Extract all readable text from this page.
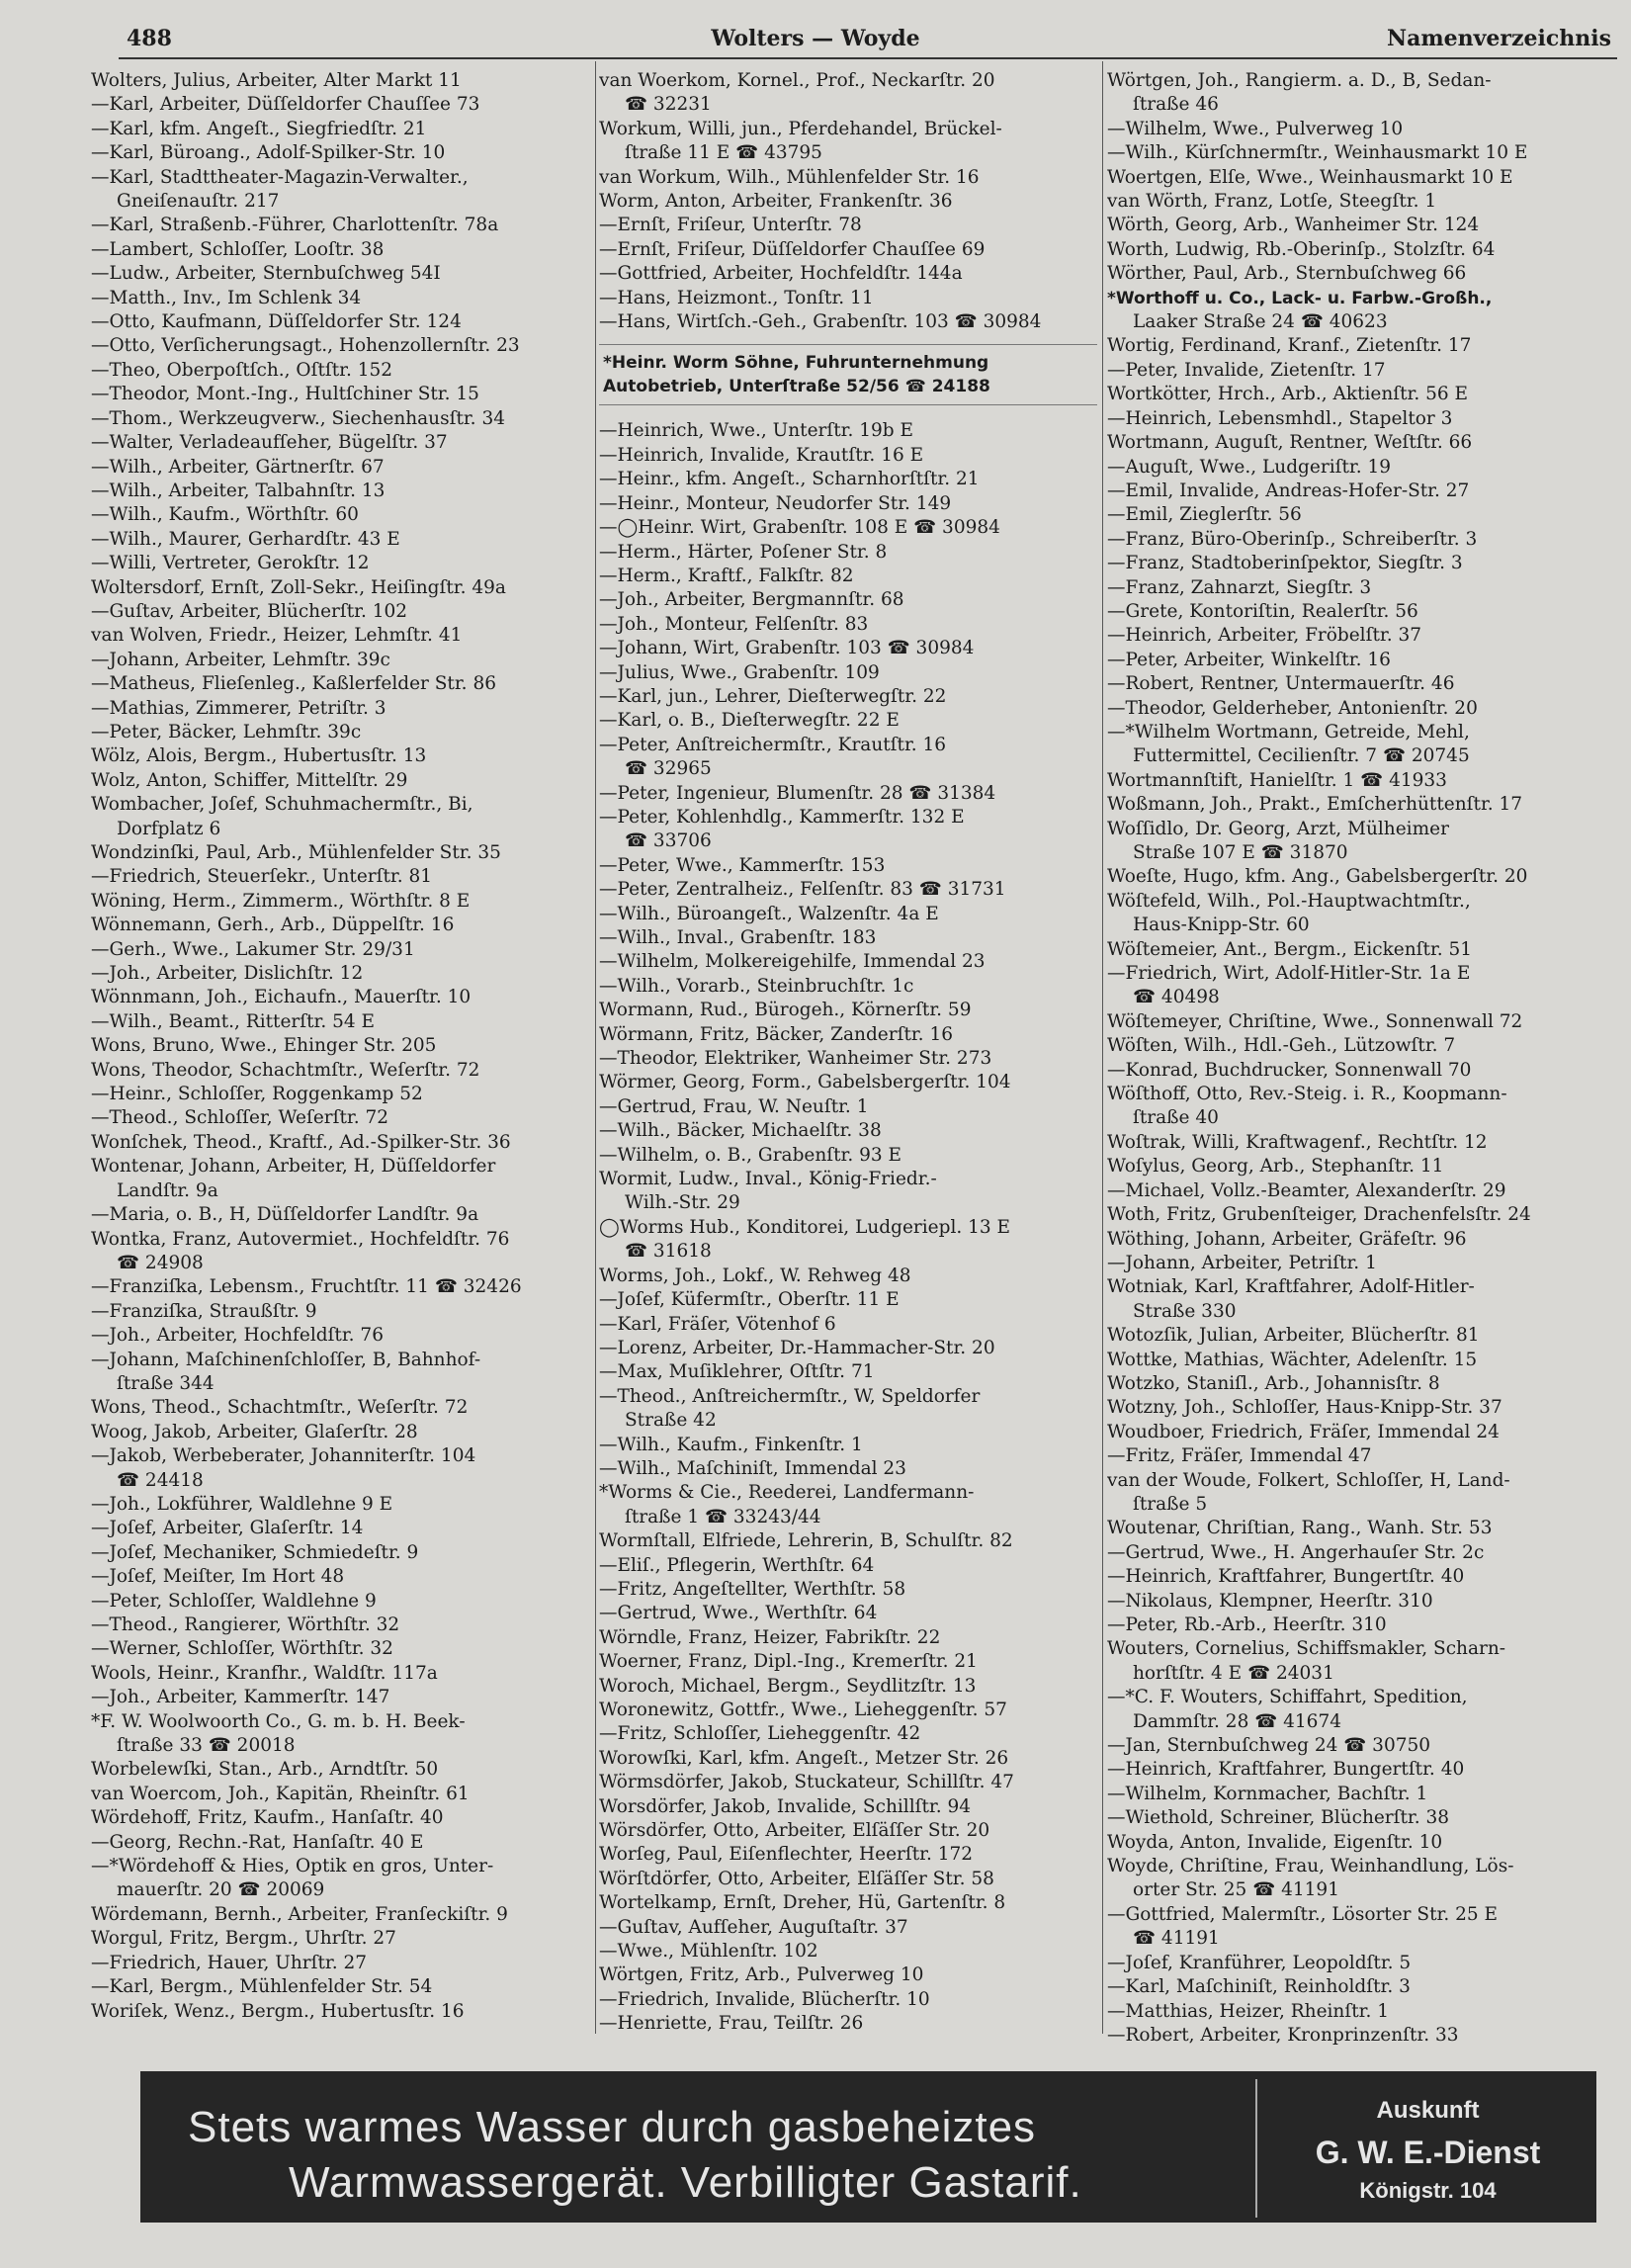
488	Wolters — Woyde	Namenverzeichnis
Wolters, Julius, Arbeiter, Alter Markt 11
—Karl, Arbeiter, Düſſeldorfer Chauſſee 73
—Karl, kfm. Angeſt., Siegfriedſtr. 21
—Karl, Büroang., Adolf-Spilker-Str. 10
—Karl, Stadttheater-Magazin-Verwalter.,
Gneiſenauſtr. 217
—Karl, Straßenb.-Führer, Charlottenſtr. 78a
—Lambert, Schloſſer, Looſtr. 38
—Ludw., Arbeiter, Sternbuſchweg 54I
—Matth., Inv., Im Schlenk 34
—Otto, Kaufmann, Düſſeldorfer Str. 124
—Otto, Verſicherungsagt., Hohenzollernſtr. 23
—Theo, Oberpoſtſch., Oſtſtr. 152
—Theodor, Mont.-Ing., Hultſchiner Str. 15
—Thom., Werkzeugverw., Siechenhausſtr. 34
—Walter, Verladeaufſeher, Bügelſtr. 37
—Wilh., Arbeiter, Gärtnerſtr. 67
—Wilh., Arbeiter, Talbahnſtr. 13
—Wilh., Kaufm., Wörthſtr. 60
—Wilh., Maurer, Gerhardſtr. 43 E
—Willi, Vertreter, Gerokſtr. 12
Woltersdorf, Ernſt, Zoll-Sekr., Heiſingſtr. 49a
—Guſtav, Arbeiter, Blücherſtr. 102
van Wolven, Friedr., Heizer, Lehmſtr. 41
—Johann, Arbeiter, Lehmſtr. 39c
—Matheus, Flieſenleg., Kaßlerfelder Str. 86
—Mathias, Zimmerer, Petriſtr. 3
—Peter, Bäcker, Lehmſtr. 39c
Wölz, Alois, Bergm., Hubertusſtr. 13
Wolz, Anton, Schiffer, Mittelſtr. 29
Wombacher, Joſef, Schuhmachermſtr., Bi,
Dorfplatz 6
Wondzinſki, Paul, Arb., Mühlenfelder Str. 35
—Friedrich, Steuerſekr., Unterſtr. 81
Wöning, Herm., Zimmerm., Wörthſtr. 8 E
Wönnemann, Gerh., Arb., Düppelſtr. 16
—Gerh., Wwe., Lakumer Str. 29/31
—Joh., Arbeiter, Dislichſtr. 12
Wönnmann, Joh., Eichaufn., Mauerſtr. 10
—Wilh., Beamt., Ritterſtr. 54 E
Wons, Bruno, Wwe., Ehinger Str. 205
Wons, Theodor, Schachtmſtr., Weſerſtr. 72
—Heinr., Schloſſer, Roggenkamp 52
—Theod., Schloſſer, Weſerſtr. 72
Wonſchek, Theod., Kraftf., Ad.-Spilker-Str. 36
Wontenar, Johann, Arbeiter, H, Düſſeldorfer
Landſtr. 9a
—Maria, o. B., H, Düſſeldorfer Landſtr. 9a
Wontka, Franz, Autovermiet., Hochfeldſtr. 76
☎ 24908
—Franziſka, Lebensm., Fruchtſtr. 11 ☎ 32426
—Franziſka, Straußſtr. 9
—Joh., Arbeiter, Hochfeldſtr. 76
—Johann, Maſchinenſchloſſer, B, Bahnhof-
ſtraße 344
Wons, Theod., Schachtmſtr., Weſerſtr. 72
Woog, Jakob, Arbeiter, Glaſerſtr. 28
—Jakob, Werbeberater, Johanniterſtr. 104
☎ 24418
—Joh., Lokführer, Waldlehne 9 E
—Joſef, Arbeiter, Glaſerſtr. 14
—Joſef, Mechaniker, Schmiedeſtr. 9
—Joſef, Meiſter, Im Hort 48
—Peter, Schloſſer, Waldlehne 9
—Theod., Rangierer, Wörthſtr. 32
—Werner, Schloſſer, Wörthſtr. 32
Wools, Heinr., Kranfhr., Waldſtr. 117a
—Joh., Arbeiter, Kammerſtr. 147
*F. W. Woolwoorth Co., G. m. b. H. Beek-
ſtraße 33 ☎ 20018
Worbelewſki, Stan., Arb., Arndtſtr. 50
van Woercom, Joh., Kapitän, Rheinſtr. 61
Wördehoff, Fritz, Kaufm., Hanſaſtr. 40
—Georg, Rechn.-Rat, Hanſaſtr. 40 E
—*Wördehoff & Hies, Optik en gros, Unter-
mauerſtr. 20 ☎ 20069
Wördemann, Bernh., Arbeiter, Franſeckiſtr. 9
Worgul, Fritz, Bergm., Uhrſtr. 27
—Friedrich, Hauer, Uhrſtr. 27
—Karl, Bergm., Mühlenfelder Str. 54
Woriſek, Wenz., Bergm., Hubertusſtr. 16
van Woerkom, Kornel., Prof., Neckarſtr. 20
☎ 32231
Workum, Willi, jun., Pferdehandel, Brückel-
ſtraße 11 E ☎ 43795
van Workum, Wilh., Mühlenfelder Str. 16
Worm, Anton, Arbeiter, Frankenſtr. 36
—Ernſt, Friſeur, Unterſtr. 78
—Ernſt, Friſeur, Düſſeldorfer Chauſſee 69
—Gottfried, Arbeiter, Hochfeldſtr. 144a
—Hans, Heizmont., Tonſtr. 11
—Hans, Wirtſch.-Geh., Grabenſtr. 103 ☎ 30984
*Heinr. Worm Söhne, Fuhrunternehmung
Autobetrieb, Unterſtraße 52/56 ☎ 24188
—Heinrich, Wwe., Unterſtr. 19b E
—Heinrich, Invalide, Krautſtr. 16 E
—Heinr., kfm. Angeſt., Scharnhorſtſtr. 21
—Heinr., Monteur, Neudorfer Str. 149
—◯Heinr. Wirt, Grabenſtr. 108 E ☎ 30984
—Herm., Härter, Poſener Str. 8
—Herm., Kraftf., Falkſtr. 82
—Joh., Arbeiter, Bergmannſtr. 68
—Joh., Monteur, Felſenſtr. 83
—Johann, Wirt, Grabenſtr. 103 ☎ 30984
—Julius, Wwe., Grabenſtr. 109
—Karl, jun., Lehrer, Dieſterwegſtr. 22
—Karl, o. B., Dieſterwegſtr. 22 E
—Peter, Anſtreichermſtr., Krautſtr. 16
☎ 32965
—Peter, Ingenieur, Blumenſtr. 28 ☎ 31384
—Peter, Kohlenhdlg., Kammerſtr. 132 E
☎ 33706
—Peter, Wwe., Kammerſtr. 153
—Peter, Zentralheiz., Felſenſtr. 83 ☎ 31731
—Wilh., Büroangeſt., Walzenſtr. 4a E
—Wilh., Inval., Grabenſtr. 183
—Wilhelm, Molkereigehilfe, Immendal 23
—Wilh., Vorarb., Steinbruchſtr. 1c
Wormann, Rud., Bürogeh., Körnerſtr. 59
Wörmann, Fritz, Bäcker, Zanderſtr. 16
—Theodor, Elektriker, Wanheimer Str. 273
Wörmer, Georg, Form., Gabelsbergerſtr. 104
—Gertrud, Frau, W. Neuſtr. 1
—Wilh., Bäcker, Michaelſtr. 38
—Wilhelm, o. B., Grabenſtr. 93 E
Wormit, Ludw., Inval., König-Friedr.-
Wilh.-Str. 29
◯Worms Hub., Konditorei, Ludgeriepl. 13 E
☎ 31618
Worms, Joh., Lokf., W. Rehweg 48
—Joſef, Küfermſtr., Oberſtr. 11 E
—Karl, Fräſer, Vötenhof 6
—Lorenz, Arbeiter, Dr.-Hammacher-Str. 20
—Max, Muſiklehrer, Oſtſtr. 71
—Theod., Anſtreichermſtr., W, Speldorfer
Straße 42
—Wilh., Kaufm., Finkenſtr. 1
—Wilh., Maſchiniſt, Immendal 23
*Worms & Cie., Reederei, Landfermann-
ſtraße 1 ☎ 33243/44
Wormſtall, Elfriede, Lehrerin, B, Schulſtr. 82
—Eliſ., Pflegerin, Werthſtr. 64
—Fritz, Angeſtellter, Werthſtr. 58
—Gertrud, Wwe., Werthſtr. 64
Wörndle, Franz, Heizer, Fabrikſtr. 22
Woerner, Franz, Dipl.-Ing., Kremerſtr. 21
Woroch, Michael, Bergm., Seydlitzſtr. 13
Woronewitz, Gottfr., Wwe., Lieheggenſtr. 57
—Fritz, Schloſſer, Lieheggenſtr. 42
Worowſki, Karl, kfm. Angeſt., Metzer Str. 26
Wörmsdörfer, Jakob, Stuckateur, Schillſtr. 47
Worsdörfer, Jakob, Invalide, Schillſtr. 94
Wörsdörfer, Otto, Arbeiter, Elſäſſer Str. 20
Worſeg, Paul, Eiſenflechter, Heerſtr. 172
Wörſtdörfer, Otto, Arbeiter, Elſäſſer Str. 58
Wortelkamp, Ernſt, Dreher, Hü, Gartenſtr. 8
—Guſtav, Aufſeher, Auguſtaſtr. 37
—Wwe., Mühlenſtr. 102
Wörtgen, Fritz, Arb., Pulverweg 10
—Friedrich, Invalide, Blücherſtr. 10
—Henriette, Frau, Teilſtr. 26
Wörtgen, Joh., Rangierm. a. D., B, Sedan-
ſtraße 46
—Wilhelm, Wwe., Pulverweg 10
—Wilh., Kürſchnermſtr., Weinhausmarkt 10 E
Woertgen, Elſe, Wwe., Weinhausmarkt 10 E
van Wörth, Franz, Lotſe, Steegſtr. 1
Wörth, Georg, Arb., Wanheimer Str. 124
Worth, Ludwig, Rb.-Oberinſp., Stolzſtr. 64
Wörther, Paul, Arb., Sternbuſchweg 66
*Worthoff u. Co., Lack- u. Farbw.-Großh.,
Laaker Straße 24 ☎ 40623
Wortig, Ferdinand, Kranf., Zietenſtr. 17
—Peter, Invalide, Zietenſtr. 17
Wortkötter, Hrch., Arb., Aktienſtr. 56 E
—Heinrich, Lebensmhdl., Stapeltor 3
Wortmann, Auguſt, Rentner, Weſtſtr. 66
—Auguſt, Wwe., Ludgeriſtr. 19
—Emil, Invalide, Andreas-Hofer-Str. 27
—Emil, Zieglerſtr. 56
—Franz, Büro-Oberinſp., Schreiberſtr. 3
—Franz, Stadtoberinſpektor, Siegſtr. 3
—Franz, Zahnarzt, Siegſtr. 3
—Grete, Kontoriſtin, Realerſtr. 56
—Heinrich, Arbeiter, Fröbelſtr. 37
—Peter, Arbeiter, Winkelſtr. 16
—Robert, Rentner, Untermauerſtr. 46
—Theodor, Gelderheber, Antonienſtr. 20
—*Wilhelm Wortmann, Getreide, Mehl,
Futtermittel, Cecilienſtr. 7 ☎ 20745
Wortmannſtift, Hanielſtr. 1 ☎ 41933
Woßmann, Joh., Prakt., Emſcherhüttenſtr. 17
Woſſidlo, Dr. Georg, Arzt, Mülheimer
Straße 107 E ☎ 31870
Woeſte, Hugo, kfm. Ang., Gabelsbergerſtr. 20
Wöſtefeld, Wilh., Pol.-Hauptwachtmſtr.,
Haus-Knipp-Str. 60
Wöſtemeier, Ant., Bergm., Eickenſtr. 51
—Friedrich, Wirt, Adolf-Hitler-Str. 1a E
☎ 40498
Wöſtemeyer, Chriſtine, Wwe., Sonnenwall 72
Wöſten, Wilh., Hdl.-Geh., Lützowſtr. 7
—Konrad, Buchdrucker, Sonnenwall 70
Wöſthoff, Otto, Rev.-Steig. i. R., Koopmann-
ſtraße 40
Woſtrak, Willi, Kraftwagenf., Rechtſtr. 12
Woſylus, Georg, Arb., Stephanſtr. 11
—Michael, Vollz.-Beamter, Alexanderſtr. 29
Woth, Fritz, Grubenſteiger, Drachenfelsſtr. 24
Wöthing, Johann, Arbeiter, Gräfeſtr. 96
—Johann, Arbeiter, Petriſtr. 1
Wotniak, Karl, Kraftfahrer, Adolf-Hitler-
Straße 330
Wotozſik, Julian, Arbeiter, Blücherſtr. 81
Wottke, Mathias, Wächter, Adelenſtr. 15
Wotzko, Staniſl., Arb., Johannisſtr. 8
Wotzny, Joh., Schloſſer, Haus-Knipp-Str. 37
Woudboer, Friedrich, Fräſer, Immendal 24
—Fritz, Fräſer, Immendal 47
van der Woude, Folkert, Schloſſer, H, Land-
ſtraße 5
Woutenar, Chriſtian, Rang., Wanh. Str. 53
—Gertrud, Wwe., H. Angerhauſer Str. 2c
—Heinrich, Kraftfahrer, Bungertſtr. 40
—Nikolaus, Klempner, Heerſtr. 310
—Peter, Rb.-Arb., Heerſtr. 310
Wouters, Cornelius, Schiffsmakler, Scharn-
horſtſtr. 4 E ☎ 24031
—*C. F. Wouters, Schiffahrt, Spedition,
Dammſtr. 28 ☎ 41674
—Jan, Sternbuſchweg 24 ☎ 30750
—Heinrich, Kraftfahrer, Bungertſtr. 40
—Wilhelm, Kornmacher, Bachſtr. 1
—Wiethold, Schreiner, Blücherſtr. 38
Woyda, Anton, Invalide, Eigenſtr. 10
Woyde, Chriſtine, Frau, Weinhandlung, Lös-
orter Str. 25 ☎ 41191
—Gottfried, Malermſtr., Lösorter Str. 25 E
☎ 41191
—Joſef, Kranführer, Leopoldſtr. 5
—Karl, Maſchiniſt, Reinholdſtr. 3
—Matthias, Heizer, Rheinſtr. 1
—Robert, Arbeiter, Kronprinzenſtr. 33
Stets warmes Wasser durch gasbeheiztes
Warmwassergerät. Verbilligter Gastarif.
Auskunft
G. W. E.-Dienst
Königstr. 104
